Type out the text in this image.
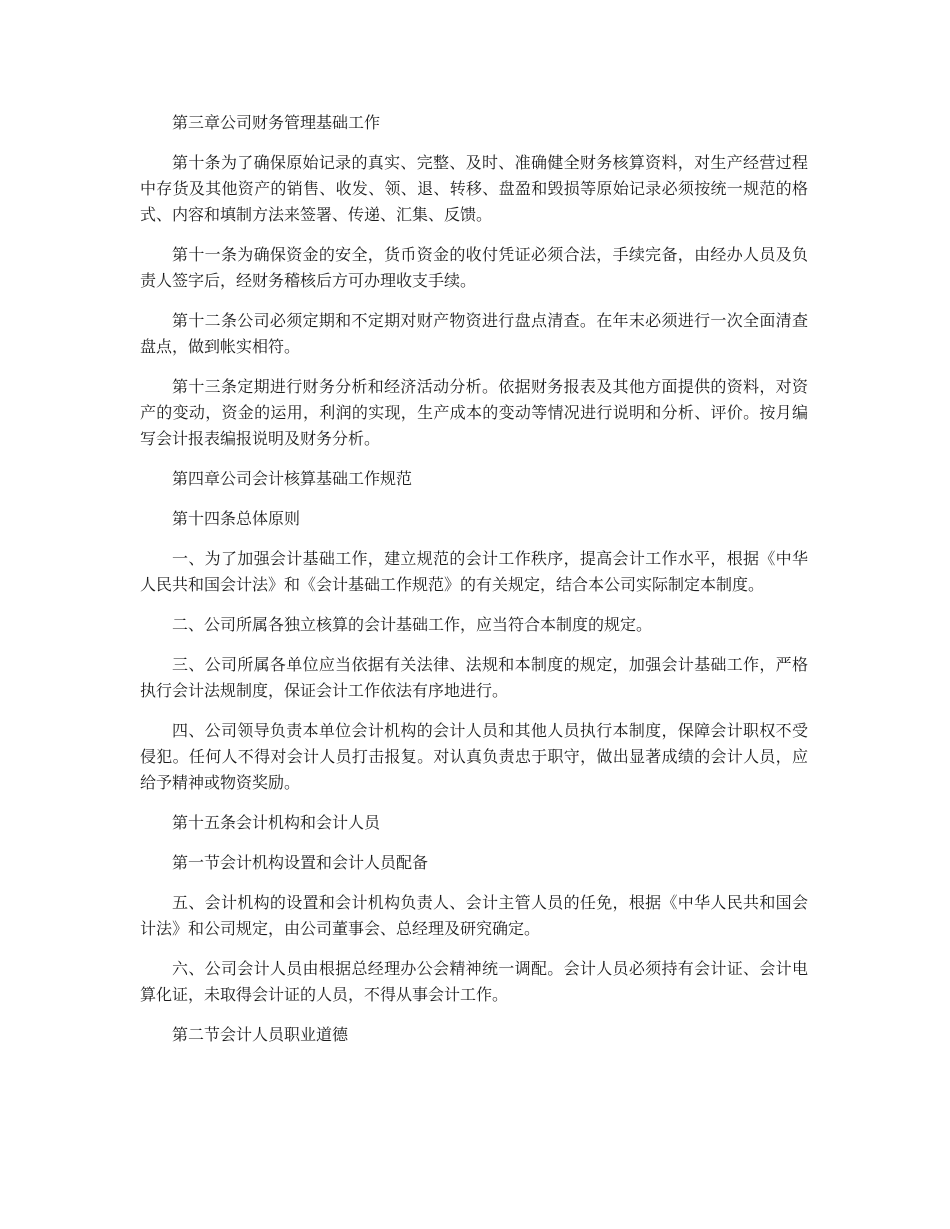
第三章公司财务管理基础工作

第十条为了确保原始记录的真实、完整、及时、准确健全财务核算资料，对生产经营过程中存货及其他资产的销售、收发、领、退、转移、盘盈和毁损等原始记录必须按统一规范的格式、内容和填制方法来签署、传递、汇集、反馈。

第十一条为确保资金的安全，货币资金的收付凭证必须合法，手续完备，由经办人员及负责人签字后，经财务稽核后方可办理收支手续。

第十二条公司必须定期和不定期对财产物资进行盘点清查。在年末必须进行一次全面清查盘点，做到帐实相符。

第十三条定期进行财务分析和经济活动分析。依据财务报表及其他方面提供的资料，对资产的变动，资金的运用，利润的实现，生产成本的变动等情况进行说明和分析、评价。按月编写会计报表编报说明及财务分析。

第四章公司会计核算基础工作规范

第十四条总体原则

一、为了加强会计基础工作，建立规范的会计工作秩序，提高会计工作水平，根据《中华人民共和国会计法》和《会计基础工作规范》的有关规定，结合本公司实际制定本制度。

二、公司所属各独立核算的会计基础工作，应当符合本制度的规定。

三、公司所属各单位应当依据有关法律、法规和本制度的规定，加强会计基础工作，严格执行会计法规制度，保证会计工作依法有序地进行。

四、公司领导负责本单位会计机构的会计人员和其他人员执行本制度，保障会计职权不受侵犯。任何人不得对会计人员打击报复。对认真负责忠于职守，做出显著成绩的会计人员，应给予精神或物资奖励。

第十五条会计机构和会计人员

第一节会计机构设置和会计人员配备

五、会计机构的设置和会计机构负责人、会计主管人员的任免，根据《中华人民共和国会计法》和公司规定，由公司董事会、总经理及研究确定。

六、公司会计人员由根据总经理办公会精神统一调配。会计人员必须持有会计证、会计电算化证，未取得会计证的人员，不得从事会计工作。

第二节会计人员职业道德
